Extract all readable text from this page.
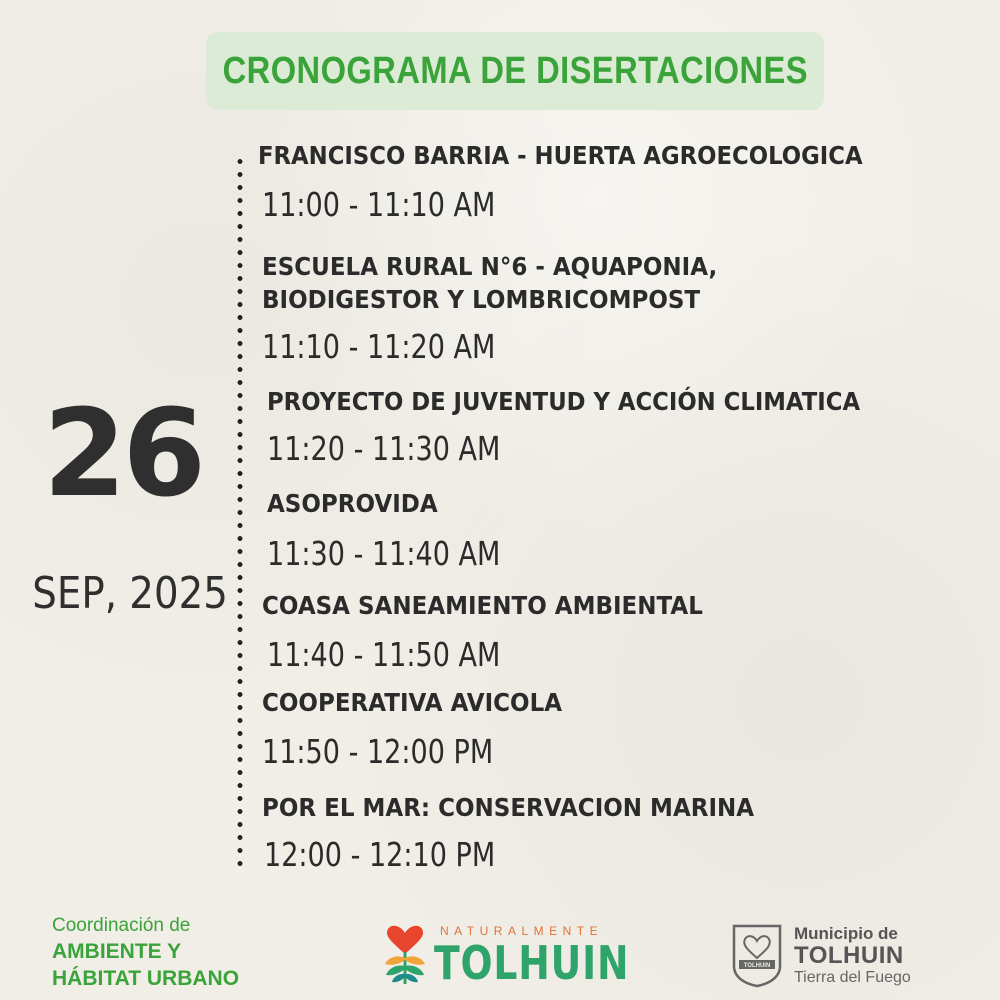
CRONOGRAMA DE DISERTACIONES
26
SEP, 2025
FRANCISCO BARRIA - HUERTA AGROECOLOGICA
11:00 - 11:10 AM
ESCUELA RURAL N°6 - AQUAPONIA,
BIODIGESTOR Y LOMBRICOMPOST
11:10 - 11:20 AM
PROYECTO DE JUVENTUD Y ACCIÓN CLIMATICA
11:20 - 11:30 AM
ASOPROVIDA
11:30 - 11:40 AM
COASA SANEAMIENTO AMBIENTAL
11:40 - 11:50 AM
COOPERATIVA AVICOLA
11:50 - 12:00 PM
POR EL MAR: CONSERVACION MARINA
12:00 - 12:10 PM
Coordinación de
AMBIENTE Y
HÁBITAT URBANO
NATURALMENTE
TOLHUIN	TOLHUIN
Municipio de
TOLHUIN
Tierra del Fuego
